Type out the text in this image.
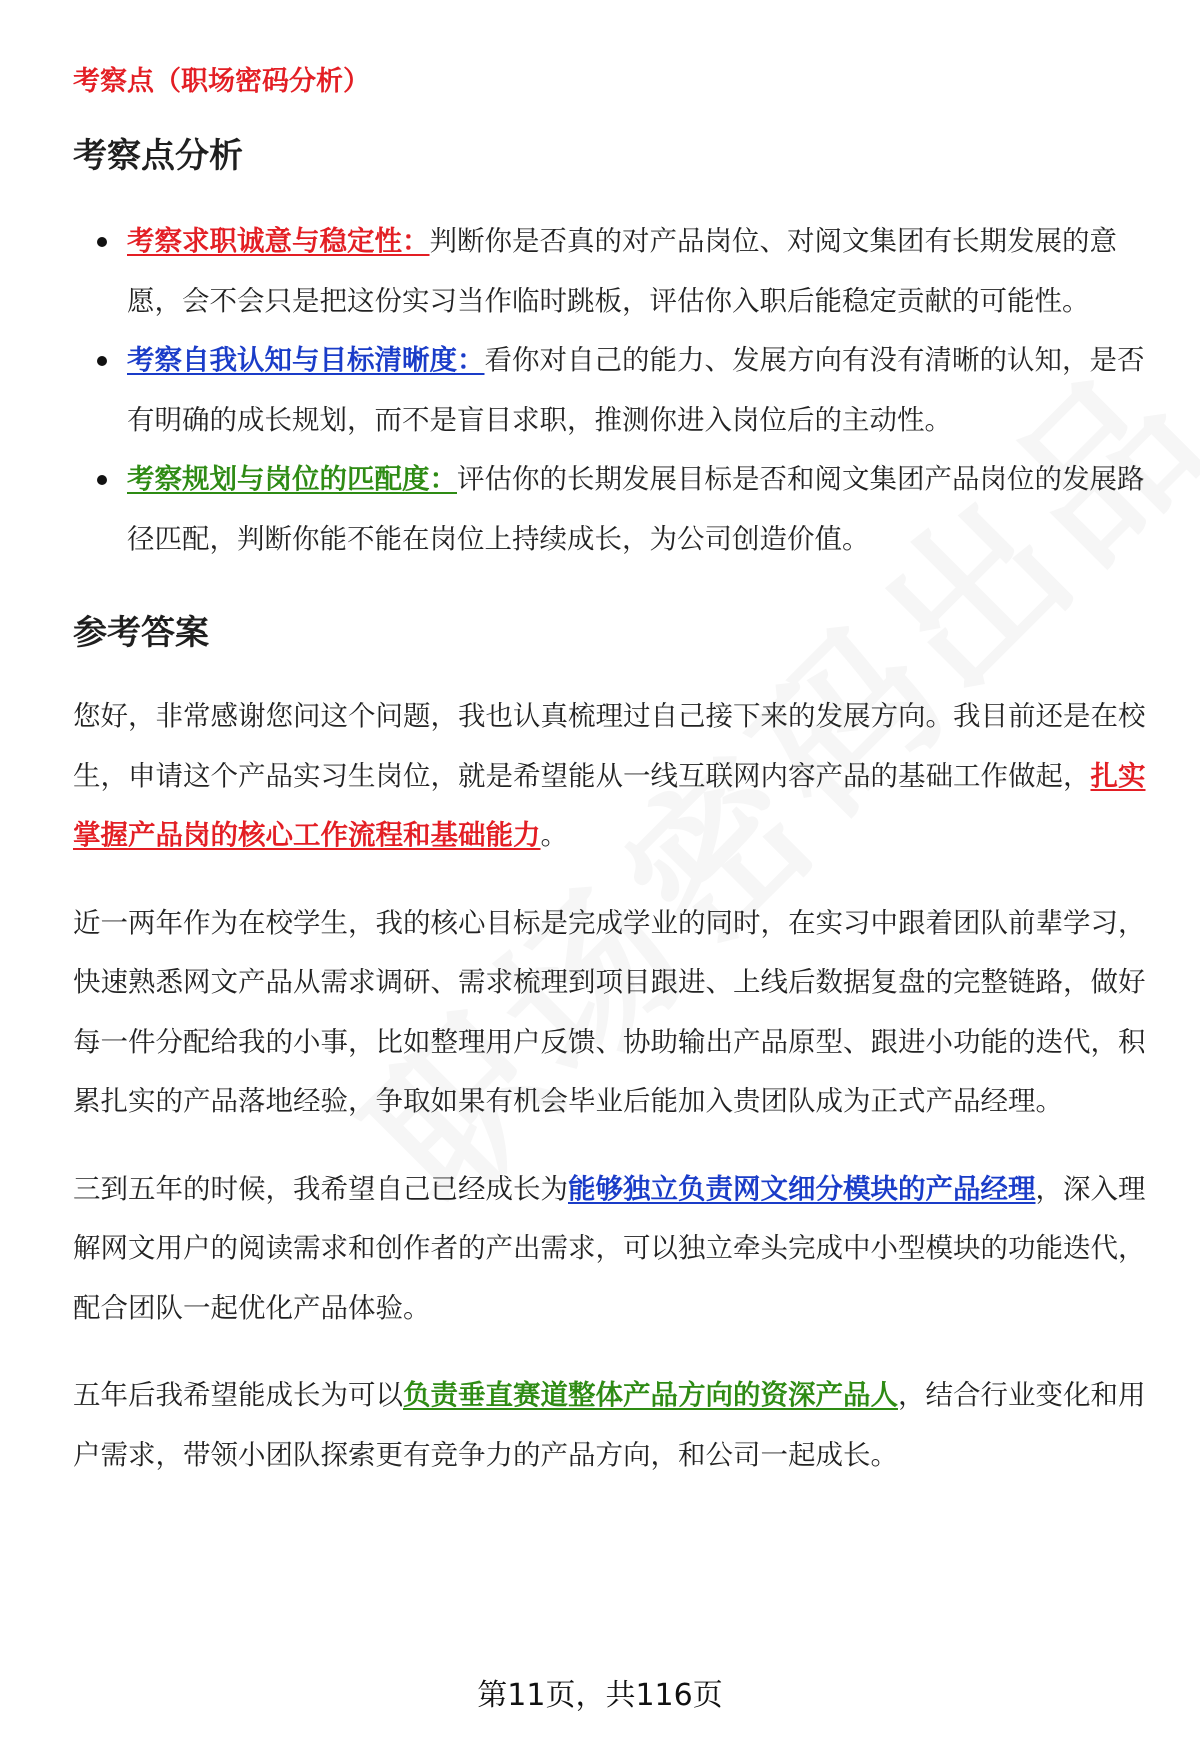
考察点（职场密码分析）
考察点分析
考察求职诚意与稳定性：判断你是否真的对产品岗位、对阅文集团有长期发展的意愿，会不会只是把这份实习当作临时跳板，评估你入职后能稳定贡献的可能性。
考察自我认知与目标清晰度：看你对自己的能力、发展方向有没有清晰的认知，是否有明确的成长规划，而不是盲目求职，推测你进入岗位后的主动性。
考察规划与岗位的匹配度：评估你的长期发展目标是否和阅文集团产品岗位的发展路径匹配，判断你能不能在岗位上持续成长，为公司创造价值。
参考答案

您好，非常感谢您问这个问题，我也认真梳理过自己接下来的发展方向。我目前还是在校生，申请这个产品实习生岗位，就是希望能从一线互联网内容产品的基础工作做起，扎实掌握产品岗的核心工作流程和基础能力。

近一两年作为在校学生，我的核心目标是完成学业的同时，在实习中跟着团队前辈学习，快速熟悉网文产品从需求调研、需求梳理到项目跟进、上线后数据复盘的完整链路，做好每一件分配给我的小事，比如整理用户反馈、协助输出产品原型、跟进小功能的迭代，积累扎实的产品落地经验，争取如果有机会毕业后能加入贵团队成为正式产品经理。

三到五年的时候，我希望自己已经成长为能够独立负责网文细分模块的产品经理，深入理解网文用户的阅读需求和创作者的产出需求，可以独立牵头完成中小型模块的功能迭代，配合团队一起优化产品体验。

五年后我希望能成长为可以负责垂直赛道整体产品方向的资深产品人，结合行业变化和用户需求，带领小团队探索更有竞争力的产品方向，和公司一起成长。

第11页，共116页
